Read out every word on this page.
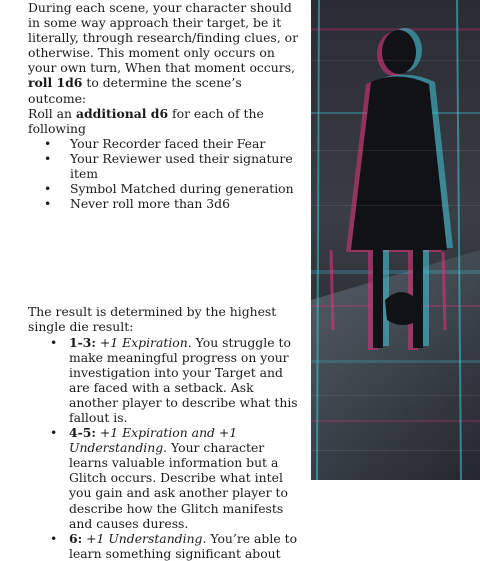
During each scene, your character should in some way approach their target, be it literally, through research/finding clues, or otherwise. This moment only occurs on your own turn, When that moment occurs, roll 1d6 to determine the scene’s outcome:

Roll an additional d6 for each of the following

• Your Recorder faced their Fear
• Your Reviewer used their signature item
• Symbol Matched during generation
• Never roll more than 3d6

The result is determined by the highest single die result:

• 1-3: +1 Expiration. You struggle to make meaningful progress on your investigation into your Target and are faced with a setback. Ask another player to describe what this fallout is.
• 4-5: +1 Expiration and +1 Understanding. Your character learns valuable information but a Glitch occurs. Describe what intel you gain and ask another player to describe how the Glitch manifests and causes duress.
• 6: +1 Understanding. You’re able to learn something significant about
